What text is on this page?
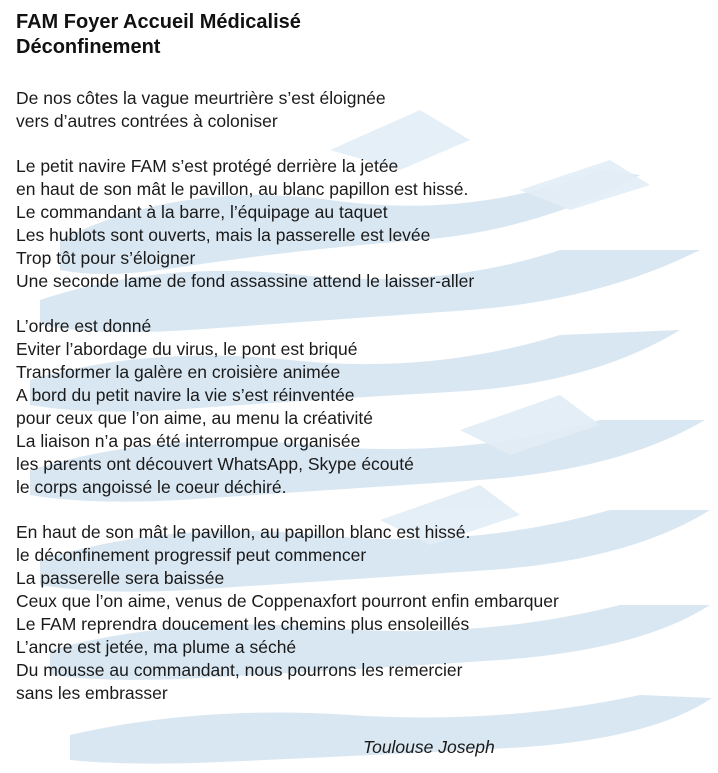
FAM Foyer Accueil Médicalisé
Déconfinement
De nos côtes la vague meurtrière s’est éloignée
vers d’autres contrées à coloniser
Le petit navire FAM s’est protégé derrière la jetée
en haut de son mât le pavillon, au blanc papillon est hissé.
Le commandant à la barre, l’équipage au taquet
Les hublots sont ouverts, mais la passerelle est levée
Trop tôt pour s’éloigner
Une seconde lame de fond assassine attend le laisser-aller
L’ordre est donné
Eviter l’abordage du virus, le pont est briqué
Transformer la galère en croisière animée
A bord du petit navire la vie s’est réinventée
pour ceux que l’on aime, au menu la créativité
La liaison n’a pas été interrompue organisée
les parents ont découvert WhatsApp, Skype écouté
le corps angoissé le coeur déchiré.
En haut de son mât le pavillon, au papillon blanc est hissé.
le déconfinement progressif peut commencer
La passerelle sera baissée
Ceux que l’on aime, venus de Coppenaxfort pourront enfin embarquer
Le FAM reprendra doucement les chemins plus ensoleillés
L’ancre est jetée, ma plume a séché
Du mousse au commandant, nous pourrons les remercier
sans les embrasser
Toulouse Joseph
